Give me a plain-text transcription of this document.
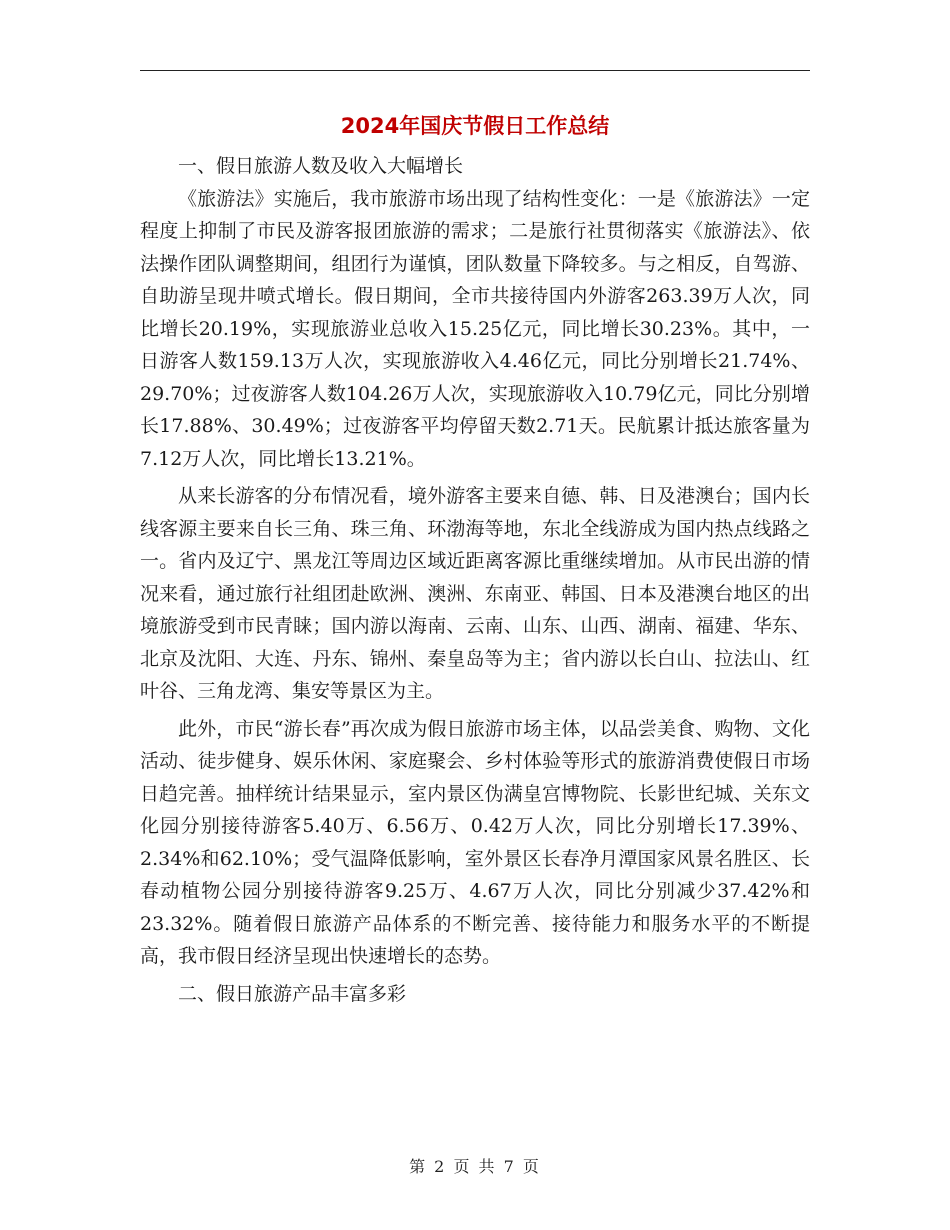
2024年国庆节假日工作总结
一、假日旅游人数及收入大幅增长

《旅游法》实施后，我市旅游市场出现了结构性变化：一是《旅游法》一定程度上抑制了市民及游客报团旅游的需求；二是旅行社贯彻落实《旅游法》、依法操作团队调整期间，组团行为谨慎，团队数量下降较多。与之相反，自驾游、自助游呈现井喷式增长。假日期间，全市共接待国内外游客263.39万人次，同比增长20.19%，实现旅游业总收入15.25亿元，同比增长30.23%。其中，一日游客人数159.13万人次，实现旅游收入4.46亿元，同比分别增长21.74%、29.70%；过夜游客人数104.26万人次，实现旅游收入10.79亿元，同比分别增长17.88%、30.49%；过夜游客平均停留天数2.71天。民航累计抵达旅客量为7.12万人次，同比增长13.21%。

从来长游客的分布情况看，境外游客主要来自德、韩、日及港澳台；国内长线客源主要来自长三角、珠三角、环渤海等地，东北全线游成为国内热点线路之一。省内及辽宁、黑龙江等周边区域近距离客源比重继续增加。从市民出游的情况来看，通过旅行社组团赴欧洲、澳洲、东南亚、韩国、日本及港澳台地区的出境旅游受到市民青睐；国内游以海南、云南、山东、山西、湖南、福建、华东、北京及沈阳、大连、丹东、锦州、秦皇岛等为主；省内游以长白山、拉法山、红叶谷、三角龙湾、集安等景区为主。

此外，市民“游长春”再次成为假日旅游市场主体，以品尝美食、购物、文化活动、徒步健身、娱乐休闲、家庭聚会、乡村体验等形式的旅游消费使假日市场日趋完善。抽样统计结果显示，室内景区伪满皇宫博物院、长影世纪城、关东文化园分别接待游客5.40万、6.56万、0.42万人次，同比分别增长17.39%、2.34%和62.10%；受气温降低影响，室外景区长春净月潭国家风景名胜区、长春动植物公园分别接待游客9.25万、4.67万人次，同比分别减少37.42%和23.32%。随着假日旅游产品体系的不断完善、接待能力和服务水平的不断提高，我市假日经济呈现出快速增长的态势。

二、假日旅游产品丰富多彩
第 2 页 共 7 页
